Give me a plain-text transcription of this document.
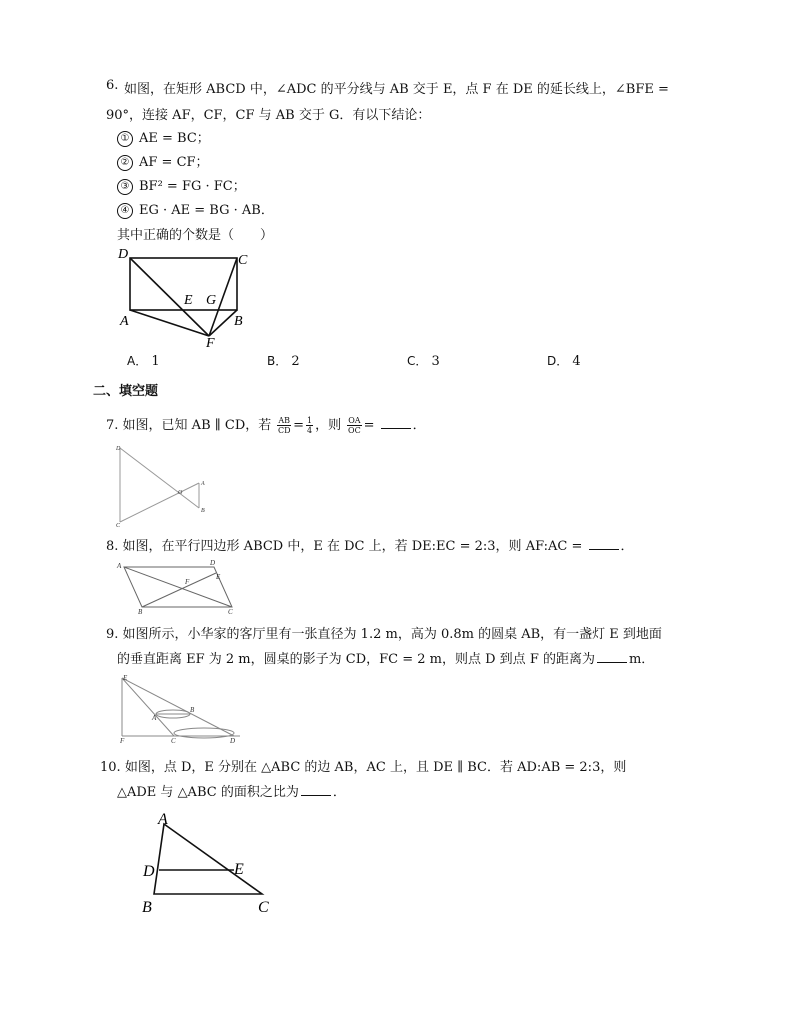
6. 如图，在矩形 ABCD 中，∠ADC 的平分线与 AB 交于 E，点 F 在 DE 的延长线上，∠BFE =
90°，连接 AF，CF，CF 与 AB 交于 G．有以下结论：
① AE = BC；
② AF = CF；
③ BF² = FG · FC；
④ EG · AE = BG · AB．
其中正确的个数是（　　）
D	C
E G
A	B
F
A． 1	B． 2	C． 3	D． 4
二、填空题
7. 如图，已知 AB ∥ CD，若 $\frac{AB}{CD} = \frac{1}{4}$ ，则 $\frac{OA}{OC}$ =	．
D
O
A
B
C
8. 如图，在平行四边形 ABCD 中，E 在 DC 上，若 DE:EC = 2:3，则 AF:AC =	．
A	D
E
F
B	C
9. 如图所示，小华家的客厅里有一张直径为 1.2 m，高为 0.8m 的圆桌 AB，有一盏灯 E 到地面
的垂直距离 EF 为 2 m，圆桌的影子为 CD，FC = 2 m，则点 D 到点 F 的距离为	m．
E
A
B
F	C	D
10. 如图，点 D，E 分别在 △ABC 的边 AB，AC 上，且 DE ∥ BC．若 AD:AB = 2:3，则
△ADE 与 △ABC 的面积之比为	．
A
D	E
B	C
